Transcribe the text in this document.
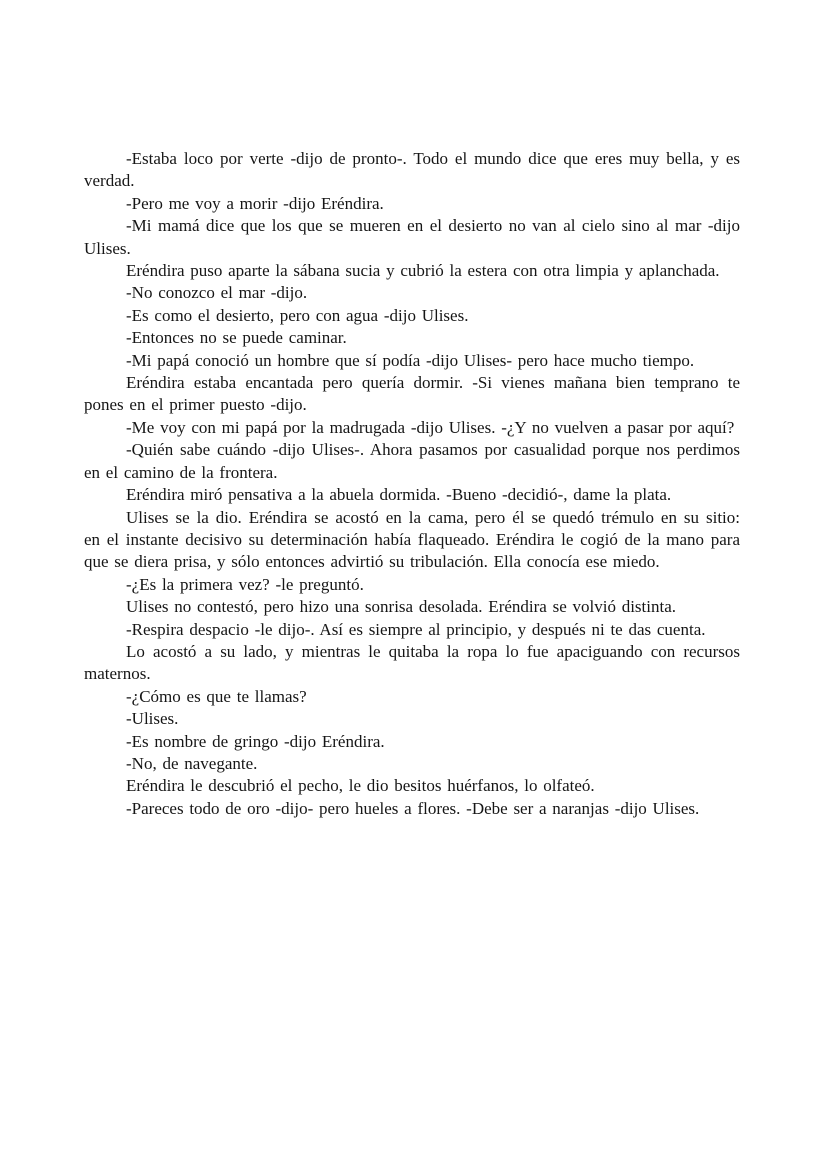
-Estaba loco por verte -dijo de pronto-. Todo el mundo dice que eres muy bella, y es verdad.

-Pero me voy a morir -dijo Eréndira.

-Mi mamá dice que los que se mueren en el desierto no van al cielo sino al mar -dijo Ulises.

Eréndira puso aparte la sábana sucia y cubrió la estera con otra limpia y aplanchada.

-No conozco el mar -dijo.

-Es como el desierto, pero con agua -dijo Ulises.

-Entonces no se puede caminar.

-Mi papá conoció un hombre que sí podía -dijo Ulises- pero hace mucho tiempo.

Eréndira estaba encantada pero quería dormir. -Si vienes mañana bien temprano te pones en el primer puesto -dijo.

-Me voy con mi papá por la madrugada -dijo Ulises. -¿Y no vuelven a pasar por aquí?

-Quién sabe cuándo -dijo Ulises-. Ahora pasamos por casualidad porque nos perdimos en el camino de la frontera.

Eréndira miró pensativa a la abuela dormida. -Bueno -decidió-, dame la plata.

Ulises se la dio. Eréndira se acostó en la cama, pero él se quedó trémulo en su sitio: en el instante decisivo su determinación había flaqueado. Eréndira le cogió de la mano para que se diera prisa, y sólo entonces advirtió su tribulación. Ella conocía ese miedo.

-¿Es la primera vez? -le preguntó.

Ulises no contestó, pero hizo una sonrisa desolada. Eréndira se volvió distinta.

-Respira despacio -le dijo-. Así es siempre al principio, y después ni te das cuenta.

Lo acostó a su lado, y mientras le quitaba la ropa lo fue apaciguando con recursos maternos.

-¿Cómo es que te llamas?

-Ulises.

-Es nombre de gringo -dijo Eréndira.

-No, de navegante.

Eréndira le descubrió el pecho, le dio besitos huérfanos, lo olfateó.

-Pareces todo de oro -dijo- pero hueles a flores. -Debe ser a naranjas -dijo Ulises.
